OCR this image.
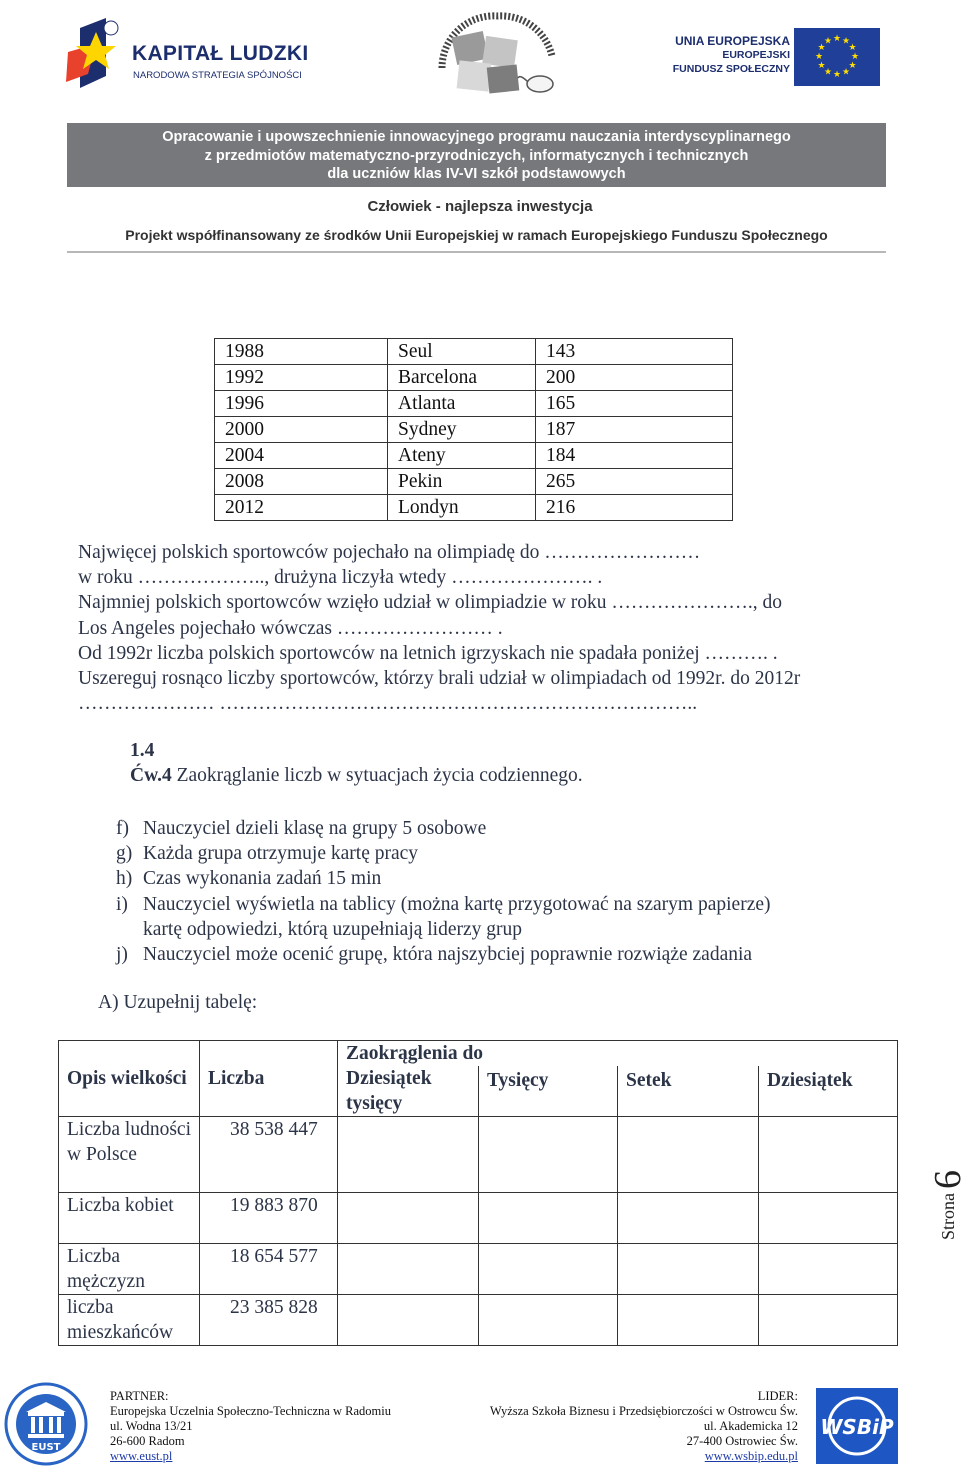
KAPITAŁ LUDZKI
NARODOWA STRATEGIA SPÓJNOŚCI
UNIA EUROPEJSKA
EUROPEJSKI
FUNDUSZ SPOŁECZNY
★ ★
★
★
★
★
★
★
★
★
★
★
Opracowanie i upowszechnienie innowacyjnego programu nauczania interdyscyplinarnego
z przedmiotów matematyczno-przyrodniczych, informatycznych i technicznych
dla uczniów klas IV-VI szkół podstawowych
Człowiek - najlepsza inwestycja
Projekt współfinansowany ze środków Unii Europejskiej w ramach Europejskiego Funduszu Społecznego
1988	Seul	143
1992	Barcelona	200
1996	Atlanta	165
2000	Sydney	187
2004	Ateny	184
2008	Pekin	265
2012	Londyn	216
Najwięcej polskich sportowców pojechało na olimpiadę do ……………………
w roku ……………….., drużyna liczyła wtedy …………………. .
Najmniej polskich sportowców wzięło udział w olimpiadzie w roku …………………., do
Los Angeles pojechało wówczas …………………… .
Od 1992r liczba polskich sportowców na letnich igrzyskach nie spadała poniżej ………. .
Uszereguj rosnąco liczby sportowców, którzy brali udział w olimpiadach od 1992r. do 2012r
………………… ………………………………………………………………..
1.4
Ćw.4 Zaokrąglanie liczb w sytuacjach życia codziennego.
f) Nauczyciel dzieli klasę na grupy 5 osobowe
g) Każda grupa otrzymuje kartę pracy
h) Czas wykonania zadań 15 min
i) Nauczyciel wyświetla na tablicy (można kartę przygotować na szarym papierze)
kartę odpowiedzi, którą uzupełniają liderzy grup
j) Nauczyciel może ocenić grupę, która najszybciej poprawnie rozwiąże zadania
A) Uzupełnij tabelę:
Opis wielkości	Liczba	Zaokrąglenia do			
		Dziesiątek tysięcy	Tysięcy	Setek	Dziesiątek
Liczba ludności w Polsce	38 538 447				
Liczba kobiet	19 883 870				
Liczba mężczyzn	18 654 577				
liczba mieszkańców	23 385 828				
Strona6
EUST
PARTNER:
Europejska Uczelnia Społeczno-Techniczna w Radomiu
ul. Wodna 13/21
26-600 Radom
www.eust.pl
LIDER:
Wyższa Szkoła Biznesu i Przedsiębiorczości w Ostrowcu Św.
ul. Akademicka 12
27-400 Ostrowiec Św.
www.wsbip.edu.pl
WSBiP
